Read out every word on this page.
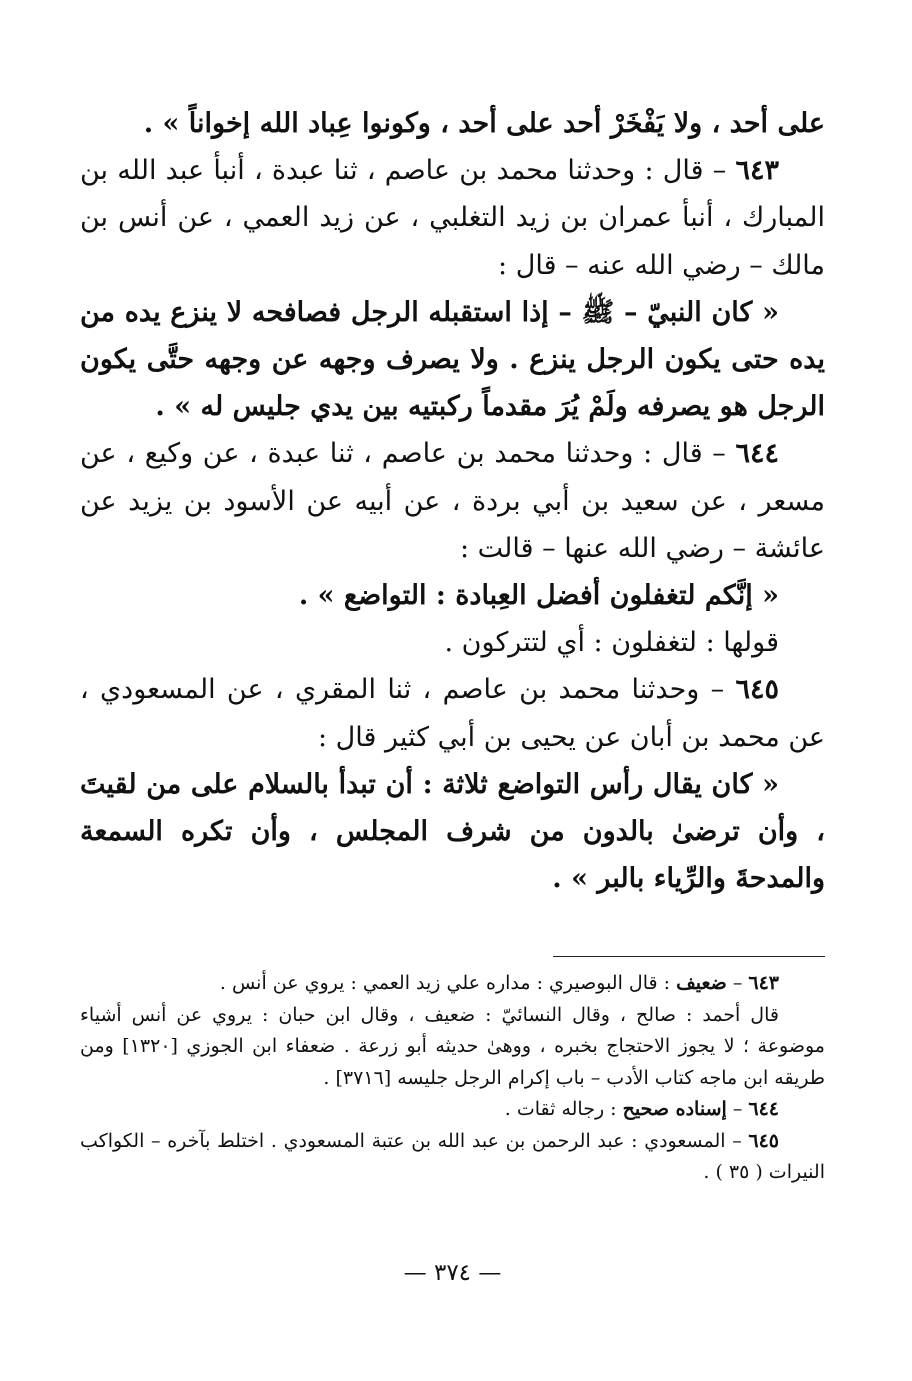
على أحد ، ولا يَفْخَرْ أحد على أحد ، وكونوا عِباد الله إخواناً » .

٦٤٣ – قال : وحدثنا محمد بن عاصم ، ثنا عبدة ، أنبأ عبد الله بن المبارك ، أنبأ عمران بن زيد التغلبي ، عن زيد العمي ، عن أنس بن مالك – رضي الله عنه – قال :

« كان النبيّ – ﷺ – إذا استقبله الرجل فصافحه لا ينزع يده من يده حتى يكون الرجل ينزع . ولا يصرف وجهه عن وجهه حتَّى يكون الرجل هو يصرفه ولَمْ يُرَ مقدماً ركبتيه بين يدي جليس له » .

٦٤٤ – قال : وحدثنا محمد بن عاصم ، ثنا عبدة ، عن وكيع ، عن مسعر ، عن سعيد بن أبي بردة ، عن أبيه عن الأسود بن يزيد عن عائشة – رضي الله عنها – قالت :

« إنَّكم لتغفلون أفضل العِبادة : التواضع » .

قولها : لتغفلون : أي لتتركون .

٦٤٥ – وحدثنا محمد بن عاصم ، ثنا المقري ، عن المسعودي ، عن محمد بن أبان عن يحيى بن أبي كثير قال :

« كان يقال رأس التواضع ثلاثة : أن تبدأ بالسلام على من لقيتَ ، وأن ترضىٰ بالدون من شرف المجلس ، وأن تكره السمعة والمدحةَ والرِّياء بالبر » .

٦٤٣ – ضعيف : قال البوصيري : مداره علي زيد العمي : يروي عن أنس .

قال أحمد : صالح ، وقال النسائيّ : ضعيف ، وقال ابن حبان : يروي عن أنس أشياء موضوعة ؛ لا يجوز الاحتجاج بخبره ، ووهىٰ حديثه أبو زرعة . ضعفاء ابن الجوزي [١٣٢٠] ومن طريقه ابن ماجه كتاب الأدب – باب إكرام الرجل جليسه [٣٧١٦] .

٦٤٤ – إسناده صحيح : رجاله ثقات .

٦٤٥ – المسعودي : عبد الرحمن بن عبد الله بن عتبة المسعودي . اختلط بآخره – الكواكب النيرات ( ٣٥ ) .

— ٣٧٤ —
